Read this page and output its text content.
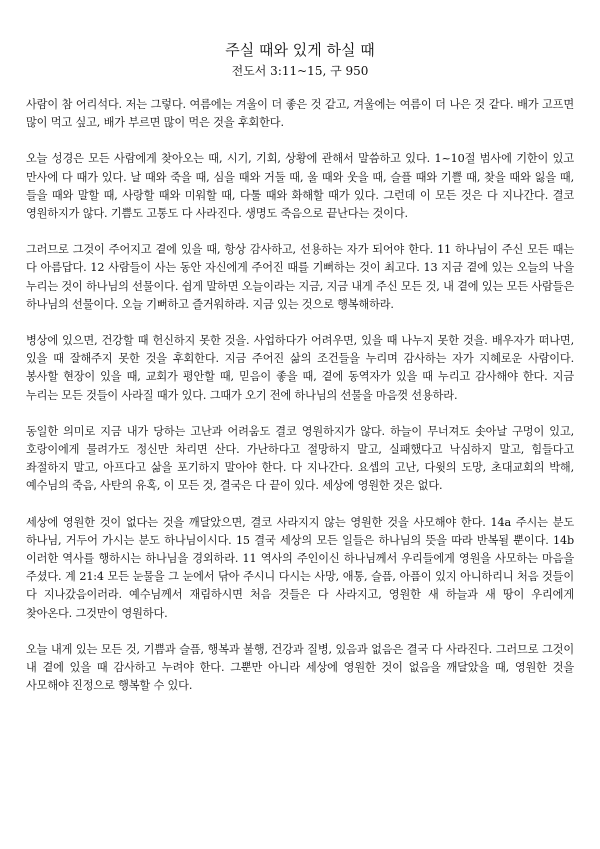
주실 때와 있게 하실 때
전도서 3:11~15, 구 950

사람이 참 어리석다. 저는 그렇다. 여름에는 겨울이 더 좋은 것 같고, 겨울에는 여름이 더 나은 것 같다. 배가 고프면 많이 먹고 싶고, 배가 부르면 많이 먹은 것을 후회한다.

오늘 성경은 모든 사람에게 찾아오는 때, 시기, 기회, 상황에 관해서 말씀하고 있다. 1~10절 범사에 기한이 있고 만사에 다 때가 있다. 날 때와 죽을 때, 심을 때와 거둘 때, 울 때와 웃을 때, 슬플 때와 기쁠 때, 찾을 때와 잃을 때, 들을 때와 말할 때, 사랑할 때와 미워할 때, 다툴 때와 화해할 때가 있다. 그런데 이 모든 것은 다 지나간다. 결코 영원하지가 않다. 기쁨도 고통도 다 사라진다. 생명도 죽음으로 끝난다는 것이다.

그러므로 그것이 주어지고 곁에 있을 때, 항상 감사하고, 선용하는 자가 되어야 한다. 11 하나님이 주신 모든 때는 다 아름답다. 12 사람들이 사는 동안 자신에게 주어진 때를 기뻐하는 것이 최고다. 13 지금 곁에 있는 오늘의 낙을 누리는 것이 하나님의 선물이다. 쉽게 말하면 오늘이라는 지금, 지금 내게 주신 모든 것, 내 곁에 있는 모든 사람들은 하나님의 선물이다. 오늘 기뻐하고 즐거워하라. 지금 있는 것으로 행복해하라.

병상에 있으면, 건강할 때 헌신하지 못한 것을. 사업하다가 어려우면, 있을 때 나누지 못한 것을. 배우자가 떠나면, 있을 때 잘해주지 못한 것을 후회한다. 지금 주어진 삶의 조건들을 누리며 감사하는 자가 지혜로운 사람이다. 봉사할 현장이 있을 때, 교회가 평안할 때, 믿음이 좋을 때, 곁에 동역자가 있을 때 누리고 감사해야 한다. 지금 누리는 모든 것들이 사라질 때가 있다. 그때가 오기 전에 하나님의 선물을 마음껏 선용하라.

동일한 의미로 지금 내가 당하는 고난과 어려움도 결코 영원하지가 않다. 하늘이 무너져도 솟아날 구멍이 있고, 호랑이에게 물려가도 정신만 차리면 산다. 가난하다고 절망하지 말고, 실패했다고 낙심하지 말고, 힘들다고 좌절하지 말고, 아프다고 삶을 포기하지 말아야 한다. 다 지나간다. 요셉의 고난, 다윗의 도망, 초대교회의 박해, 예수님의 죽음, 사탄의 유혹, 이 모든 것, 결국은 다 끝이 있다. 세상에 영원한 것은 없다.

세상에 영원한 것이 없다는 것을 깨달았으면, 결코 사라지지 않는 영원한 것을 사모해야 한다. 14a 주시는 분도 하나님, 거두어 가시는 분도 하나님이시다. 15 결국 세상의 모든 일들은 하나님의 뜻을 따라 반복될 뿐이다. 14b 이러한 역사를 행하시는 하나님을 경외하라. 11 역사의 주인이신 하나님께서 우리들에게 영원을 사모하는 마음을 주셨다. 계 21:4 모든 눈물을 그 눈에서 닦아 주시니 다시는 사망, 애통, 슬픔, 아픔이 있지 아니하리니 처음 것들이 다 지나갔음이러라. 예수님께서 재림하시면 처음 것들은 다 사라지고, 영원한 새 하늘과 새 땅이 우리에게 찾아온다. 그것만이 영원하다.

오늘 내게 있는 모든 것, 기쁨과 슬픔, 행복과 불행, 건강과 질병, 있음과 없음은 결국 다 사라진다. 그러므로 그것이 내 곁에 있을 때 감사하고 누려야 한다. 그뿐만 아니라 세상에 영원한 것이 없음을 깨달았을 때, 영원한 것을 사모해야 진정으로 행복할 수 있다.
